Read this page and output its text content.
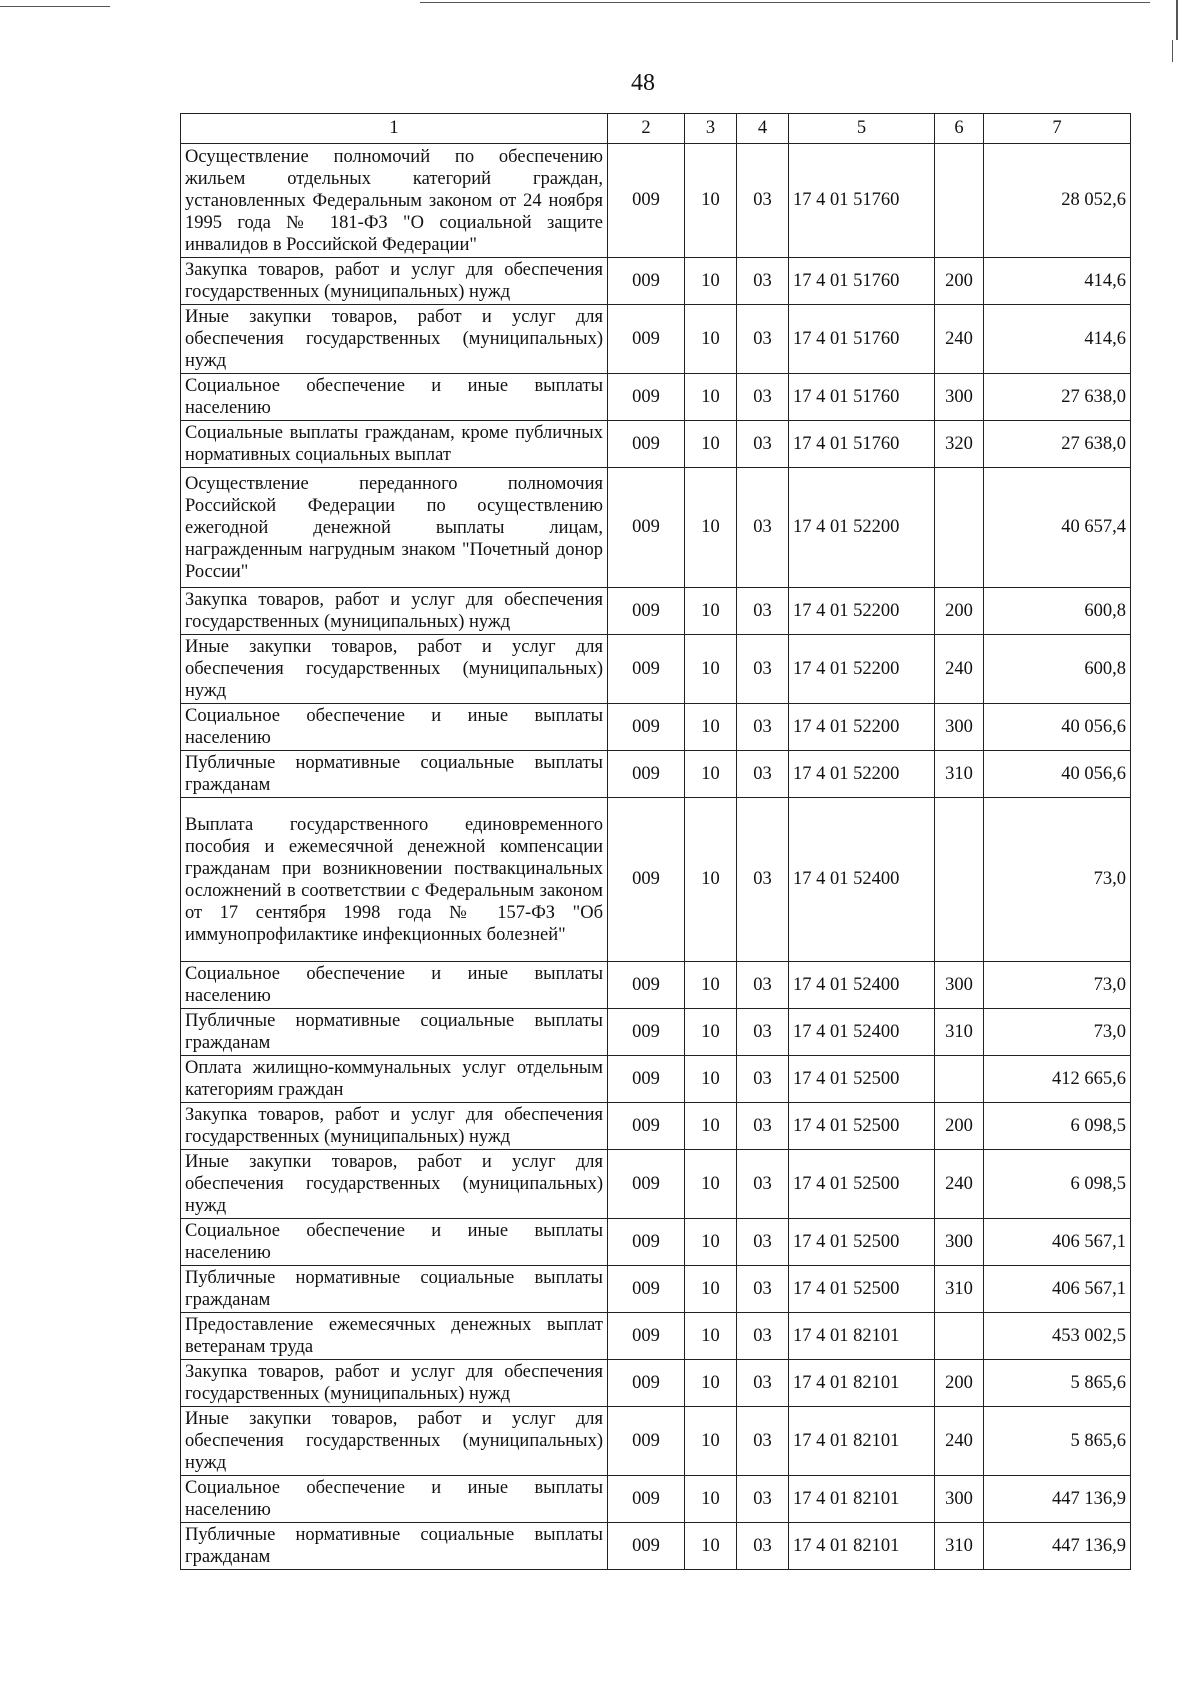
48
1	2	3	4	5	6	7
Осуществление полномочий по обеспечению жильем отдельных категорий граждан, установленных Федеральным законом от 24 ноября 1995 года № 181-ФЗ "О социальной защите инвалидов в Российской Федерации"	009	10	03	17 4 01 51760		28 052,6
Закупка товаров, работ и услуг для обеспечения государственных (муниципальных) нужд	009	10	03	17 4 01 51760	200	414,6
Иные закупки товаров, работ и услуг для обеспечения государственных (муниципальных) нужд	009	10	03	17 4 01 51760	240	414,6
Социальное обеспечение и иные выплаты населению	009	10	03	17 4 01 51760	300	27 638,0
Социальные выплаты гражданам, кроме публичных нормативных социальных выплат	009	10	03	17 4 01 51760	320	27 638,0
Осуществление переданного полномочия Российской Федерации по осуществлению ежегодной денежной выплаты лицам, награжденным нагрудным знаком "Почетный донор России"	009	10	03	17 4 01 52200		40 657,4
Закупка товаров, работ и услуг для обеспечения государственных (муниципальных) нужд	009	10	03	17 4 01 52200	200	600,8
Иные закупки товаров, работ и услуг для обеспечения государственных (муниципальных) нужд	009	10	03	17 4 01 52200	240	600,8
Социальное обеспечение и иные выплаты населению	009	10	03	17 4 01 52200	300	40 056,6
Публичные нормативные социальные выплаты гражданам	009	10	03	17 4 01 52200	310	40 056,6
Выплата государственного единовременного пособия и ежемесячной денежной компенсации гражданам при возникновении поствакцинальных осложнений в соответствии с Федеральным законом от 17 сентября 1998 года № 157-ФЗ "Об иммунопрофилактике инфекционных болезней"	009	10	03	17 4 01 52400		73,0
Социальное обеспечение и иные выплаты населению	009	10	03	17 4 01 52400	300	73,0
Публичные нормативные социальные выплаты гражданам	009	10	03	17 4 01 52400	310	73,0
Оплата жилищно-коммунальных услуг отдельным категориям граждан	009	10	03	17 4 01 52500		412 665,6
Закупка товаров, работ и услуг для обеспечения государственных (муниципальных) нужд	009	10	03	17 4 01 52500	200	6 098,5
Иные закупки товаров, работ и услуг для обеспечения государственных (муниципальных) нужд	009	10	03	17 4 01 52500	240	6 098,5
Социальное обеспечение и иные выплаты населению	009	10	03	17 4 01 52500	300	406 567,1
Публичные нормативные социальные выплаты гражданам	009	10	03	17 4 01 52500	310	406 567,1
Предоставление ежемесячных денежных выплат ветеранам труда	009	10	03	17 4 01 82101		453 002,5
Закупка товаров, работ и услуг для обеспечения государственных (муниципальных) нужд	009	10	03	17 4 01 82101	200	5 865,6
Иные закупки товаров, работ и услуг для обеспечения государственных (муниципальных) нужд	009	10	03	17 4 01 82101	240	5 865,6
Социальное обеспечение и иные выплаты населению	009	10	03	17 4 01 82101	300	447 136,9
Публичные нормативные социальные выплаты гражданам	009	10	03	17 4 01 82101	310	447 136,9
